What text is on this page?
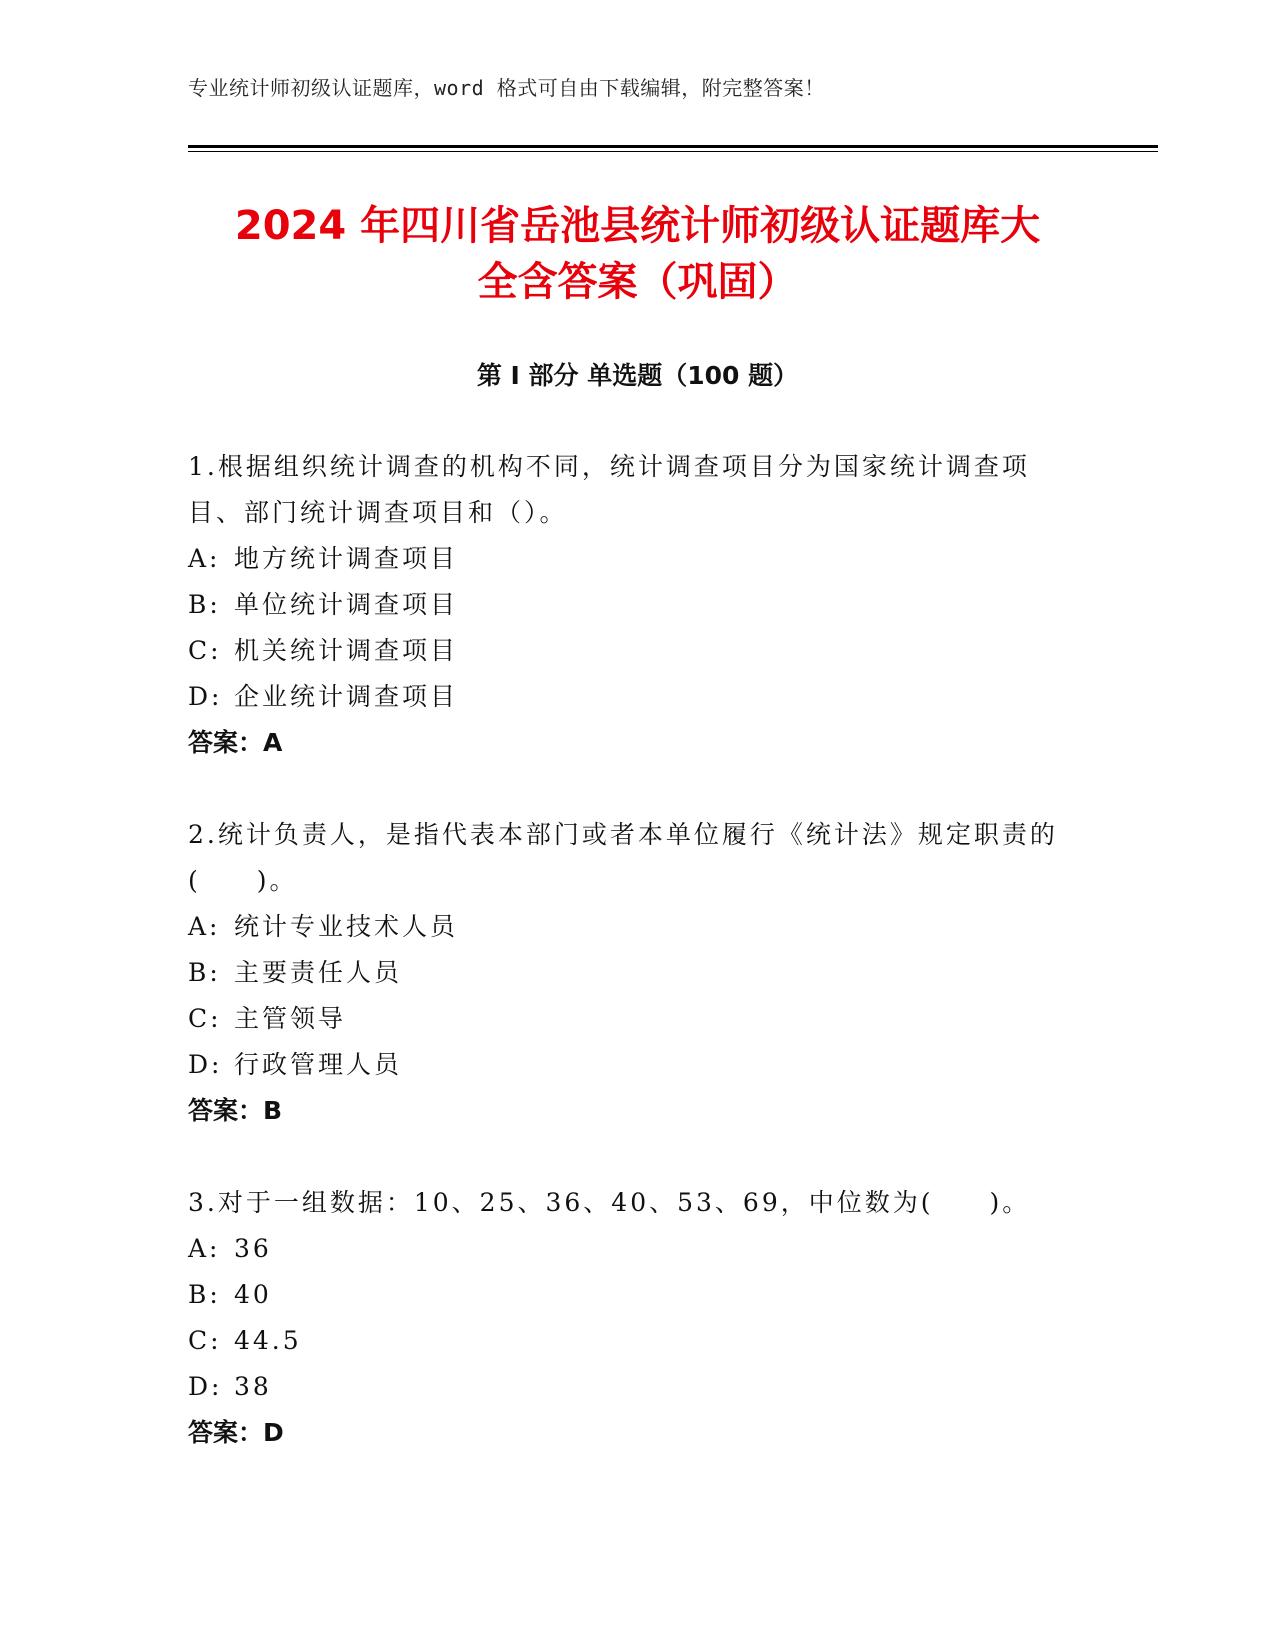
专业统计师初级认证题库，word 格式可自由下载编辑，附完整答案！
2024 年四川省岳池县统计师初级认证题库大
全含答案（巩固）
第 I 部分 单选题（100 题）

1.根据组织统计调查的机构不同，统计调查项目分为国家统计调查项目、部门统计调查项目和（）。

A: 地方统计调查项目

B: 单位统计调查项目

C: 机关统计调查项目

D: 企业统计调查项目

答案：A

2.统计负责人，是指代表本部门或者本单位履行《统计法》规定职责的(　　)。

A: 统计专业技术人员

B: 主要责任人员

C: 主管领导

D: 行政管理人员

答案：B

3.对于一组数据：10、25、36、40、53、69，中位数为(　　)。

A: 36

B: 40

C: 44.5

D: 38

答案：D
